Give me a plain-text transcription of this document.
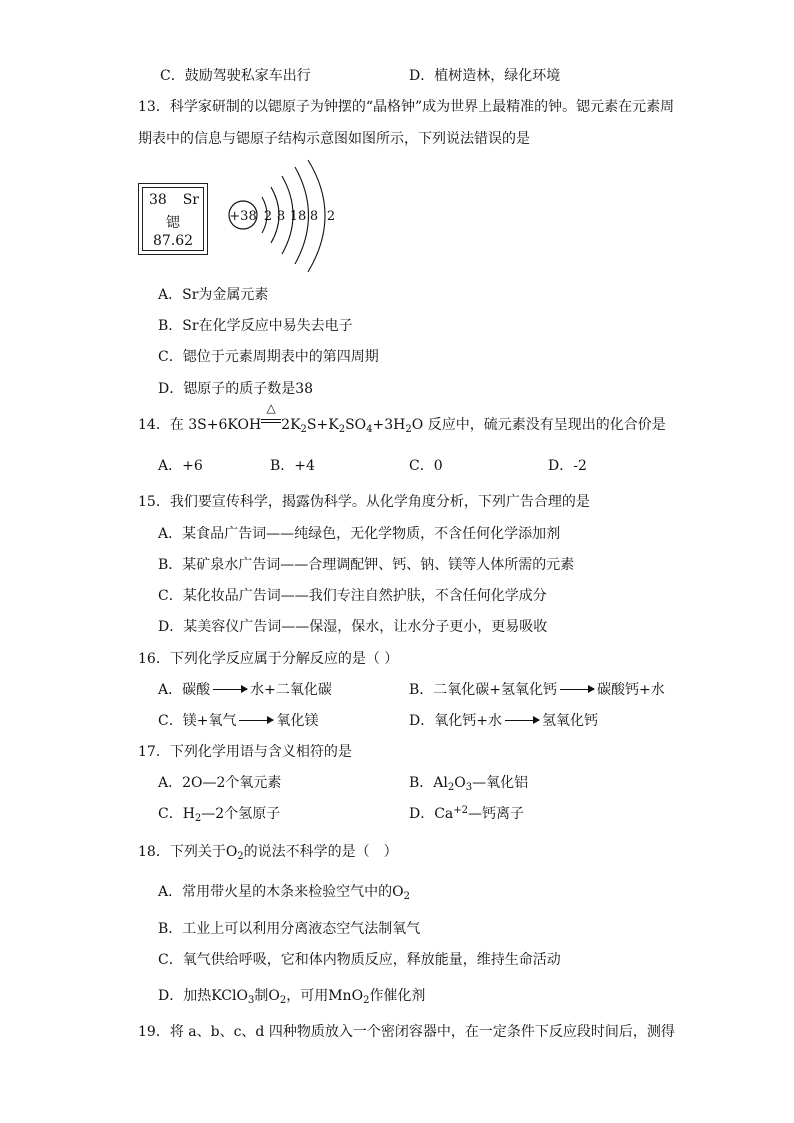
C．鼓励驾驶私家车出行	D．植树造林，绿化环境
13．科学家研制的以锶原子为钟摆的“晶格钟”成为世界上最精准的钟。锶元素在元素周
期表中的信息与锶原子结构示意图如图所示，下列说法错误的是
38 Sr
锶
87.62
+38 2 8 18 8 2
A．Sr为金属元素
B．Sr在化学反应中易失去电子
C．锶位于元素周期表中的第四周期
D．锶原子的质子数是38
14．在 3S+6KOH
△
$2K_2S+K_2SO_4+3H_2O$ 反应中，硫元素没有呈现出的化合价是
A．+6	B．+4	C．0	D．-2
15．我们要宣传科学，揭露伪科学。从化学角度分析，下列广告合理的是
A．某食品广告词——纯绿色，无化学物质，不含任何化学添加剂
B．某矿泉水广告词——合理调配钾、钙、钠、镁等人体所需的元素
C．某化妆品广告词——我们专注自然护肤，不含任何化学成分
D．某美容仪广告词——保湿，保水，让水分子更小，更易吸收
16．下列化学反应属于分解反应的是（ ）
A．碳酸	水+二氧化碳	B．二氧化碳+氢氧化钙	碳酸钙+水
C．镁+氧气	氧化镁	D．氧化钙+水	氢氧化钙
17．下列化学用语与含义相符的是
A．2O—2个氧元素	B．$Al_2O_3—$氧化铝
C．$H_2—2$个氢原子	D．$Ca^{+2}—$钙离子
18．下列关于$O_2$的说法不科学的是（　）
A．常用带火星的木条来检验空气中的$O_2$
B．工业上可以利用分离液态空气法制氧气
C．氧气供给呼吸，它和体内物质反应，释放能量，维持生命活动
D．加热KClO$_3$制$O_2$，可用MnO$_2$作催化剂
19．将 a、b、c、d 四种物质放入一个密闭容器中，在一定条件下反应段时间后，测得
